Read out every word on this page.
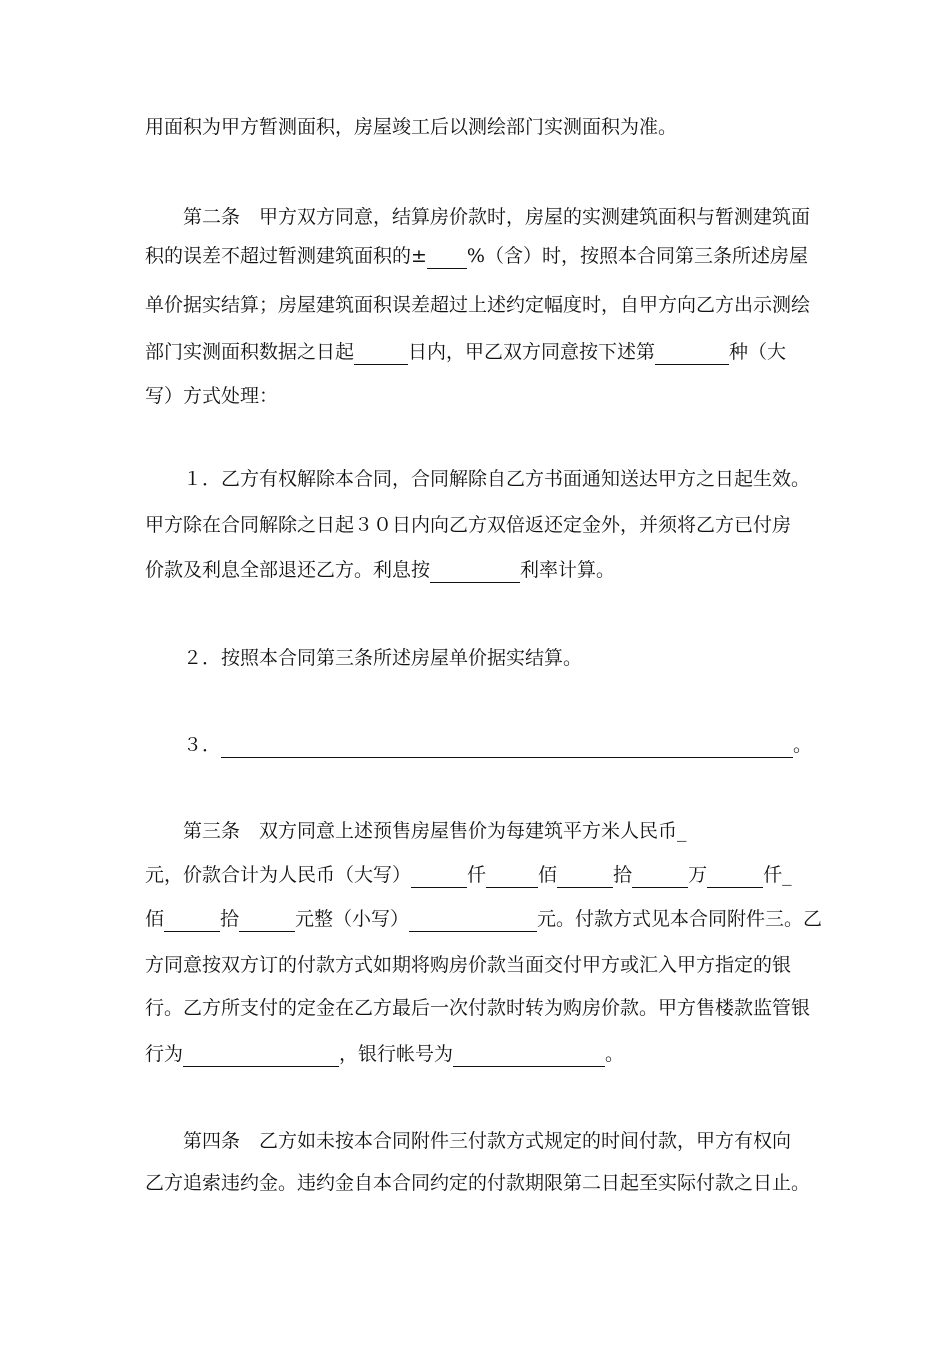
用面积为甲方暂测面积，房屋竣工后以测绘部门实测面积为准。
第二条　甲方双方同意，结算房价款时，房屋的实测建筑面积与暂测建筑面
积的误差不超过暂测建筑面积的± %（含）时，按照本合同第三条所述房屋
单价据实结算；房屋建筑面积误差超过上述约定幅度时，自甲方向乙方出示测绘
部门实测面积数据之日起	日内，甲乙双方同意按下述第	种（大
写）方式处理：
１．乙方有权解除本合同，合同解除自乙方书面通知送达甲方之日起生效。
甲方除在合同解除之日起３０日内向乙方双倍返还定金外，并须将乙方已付房
价款及利息全部退还乙方。利息按	利率计算。
２．按照本合同第三条所述房屋单价据实结算。
３．	。
第三条　双方同意上述预售房屋售价为每建筑平方米人民币_
元，价款合计为人民币（大写）	仟	佰	拾	万	仟_
佰	拾	元整（小写）	元。付款方式见本合同附件三。乙
方同意按双方订的付款方式如期将购房价款当面交付甲方或汇入甲方指定的银
行。乙方所支付的定金在乙方最后一次付款时转为购房价款。甲方售楼款监管银
行为	，银行帐号为	。
第四条　乙方如未按本合同附件三付款方式规定的时间付款，甲方有权向
乙方追索违约金。违约金自本合同约定的付款期限第二日起至实际付款之日止。
